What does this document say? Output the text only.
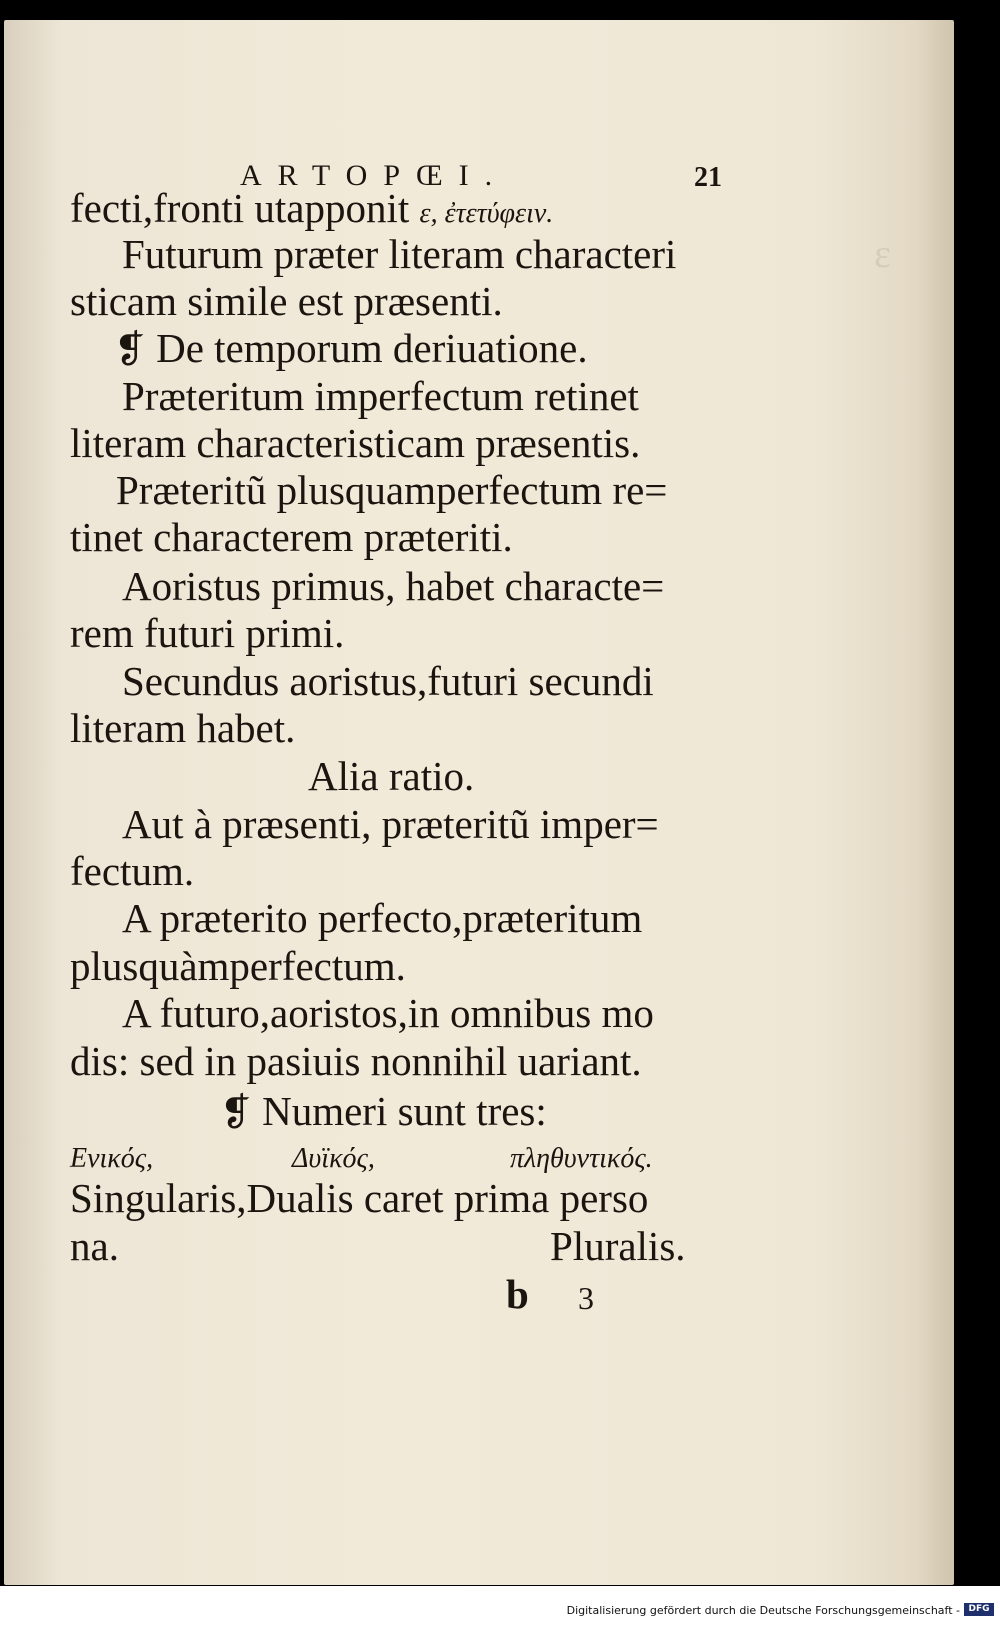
ε
ARTOPŒI.	21
fecti,fronti utapponit ε, ἐτετύφειν.
Futurum præter literam characteri
sticam simile est præsenti.
❡ De temporum deriuatione.
Præteritum imperfectum retinet
literam characteristicam præsentis.
Præteritũ plusquamperfectum re=
tinet characterem præteriti.
Aoristus primus, habet characte=
rem futuri primi.
Secundus aoristus,futuri secundi
literam habet.
Alia ratio.
Aut à præsenti, præteritũ imper=
fectum.
A præterito perfecto,præteritum
plusquàmperfectum.
A futuro,aoristos,in omnibus mo
dis: sed in pasiuis nonnihil uariant.
❡ Numeri sunt tres:
Ενικός,	Δυϊκός,	πληθυντικός.
Singularis,Dualis caret prima perso
na.	Pluralis.
b 3
Digitalisierung gefördert durch die Deutsche Forschungsgemeinschaft - DFG
